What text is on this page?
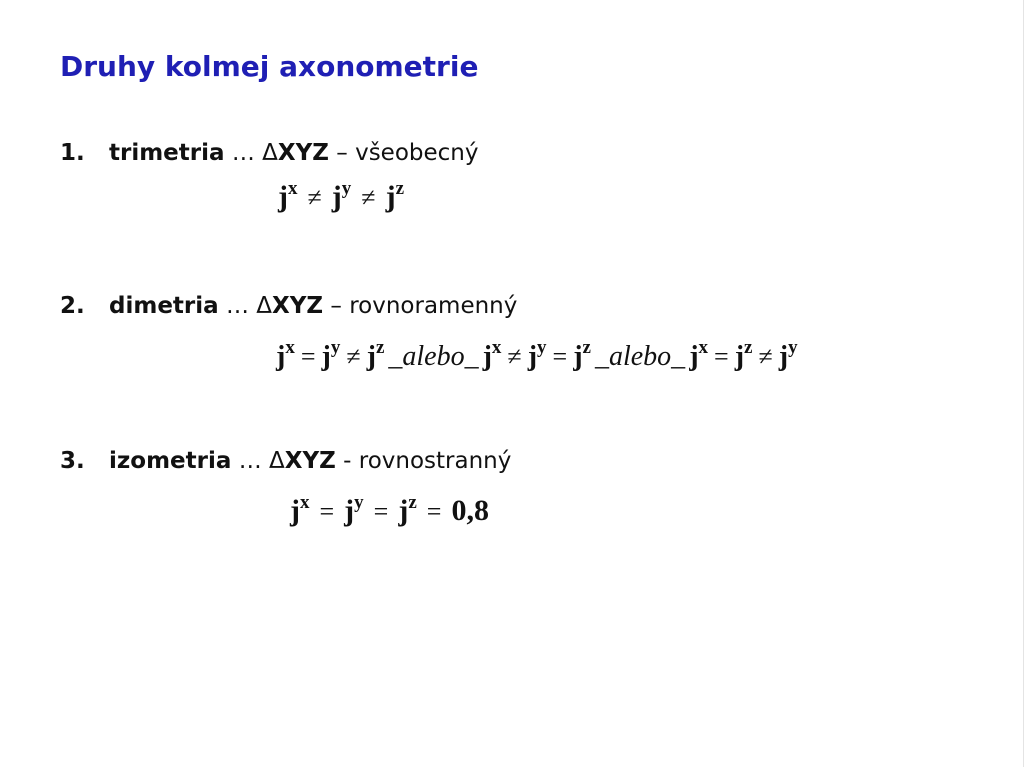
Druhy kolmej axonometrie
1. trimetria … ΔXYZ – všeobecný
$j^x \ne j^y \ne j^z$
2. dimetria … ΔXYZ – rovnoramenný
$j^x = j^y \ne j^z$ _alebo_ $j^x \ne j^y = j^z$ _alebo_ $j^x = j^z \ne j^y$
3. izometria … ΔXYZ - rovnostranný
$j^x = j^y = j^z = 0,8$
